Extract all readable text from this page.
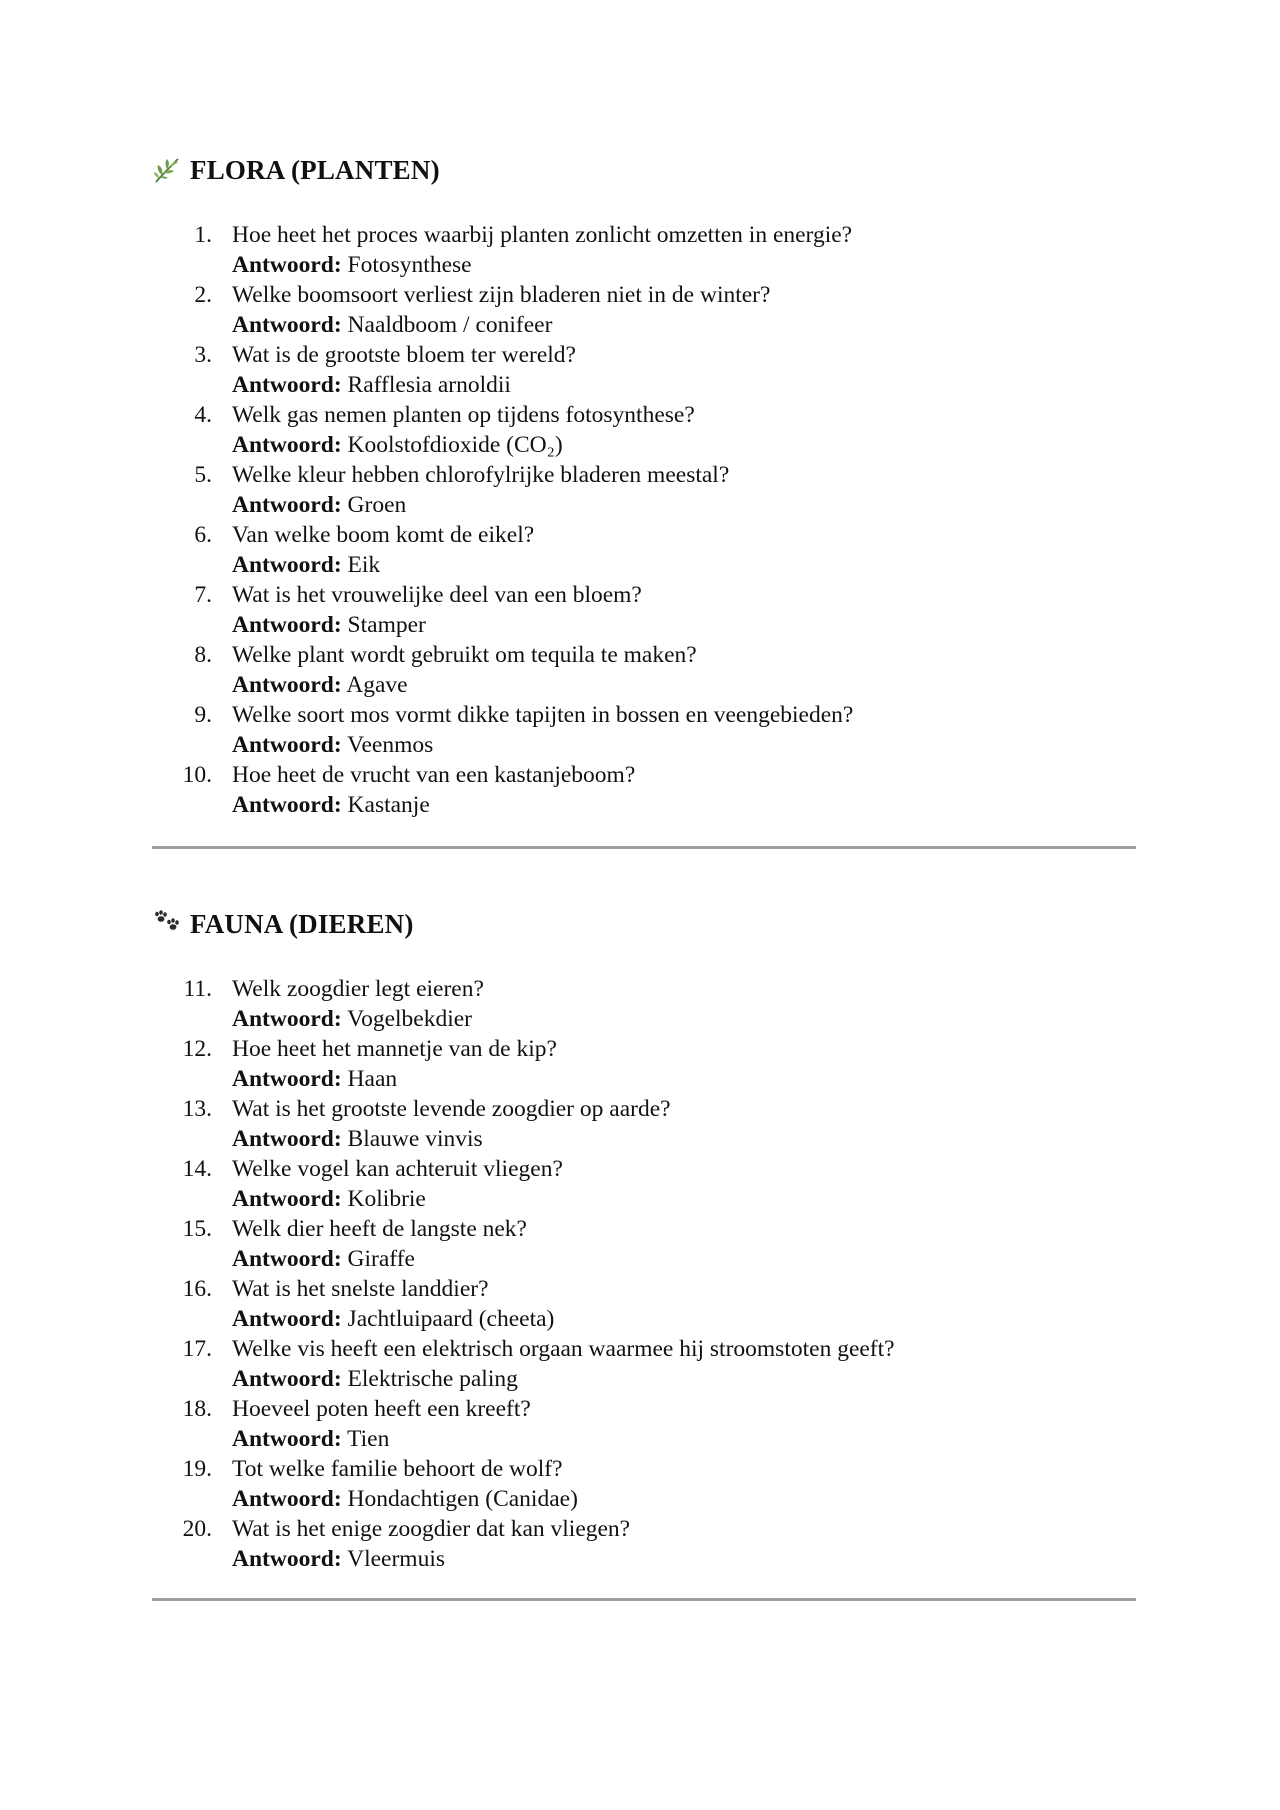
FLORA (PLANTEN)
1. Hoe heet het proces waarbij planten zonlicht omzetten in energie?
Antwoord: Fotosynthese
2. Welke boomsoort verliest zijn bladeren niet in de winter?
Antwoord: Naaldboom / conifeer
3. Wat is de grootste bloem ter wereld?
Antwoord: Rafflesia arnoldii
4. Welk gas nemen planten op tijdens fotosynthese?
Antwoord: Koolstofdioxide (CO₂)
5. Welke kleur hebben chlorofylrijke bladeren meestal?
Antwoord: Groen
6. Van welke boom komt de eikel?
Antwoord: Eik
7. Wat is het vrouwelijke deel van een bloem?
Antwoord: Stamper
8. Welke plant wordt gebruikt om tequila te maken?
Antwoord: Agave
9. Welke soort mos vormt dikke tapijten in bossen en veengebieden?
Antwoord: Veenmos
10. Hoe heet de vrucht van een kastanjeboom?
Antwoord: Kastanje
FAUNA (DIEREN)
11. Welk zoogdier legt eieren?
Antwoord: Vogelbekdier
12. Hoe heet het mannetje van de kip?
Antwoord: Haan
13. Wat is het grootste levende zoogdier op aarde?
Antwoord: Blauwe vinvis
14. Welke vogel kan achteruit vliegen?
Antwoord: Kolibrie
15. Welk dier heeft de langste nek?
Antwoord: Giraffe
16. Wat is het snelste landdier?
Antwoord: Jachtluipaard (cheeta)
17. Welke vis heeft een elektrisch orgaan waarmee hij stroomstoten geeft?
Antwoord: Elektrische paling
18. Hoeveel poten heeft een kreeft?
Antwoord: Tien
19. Tot welke familie behoort de wolf?
Antwoord: Hondachtigen (Canidae)
20. Wat is het enige zoogdier dat kan vliegen?
Antwoord: Vleermuis
